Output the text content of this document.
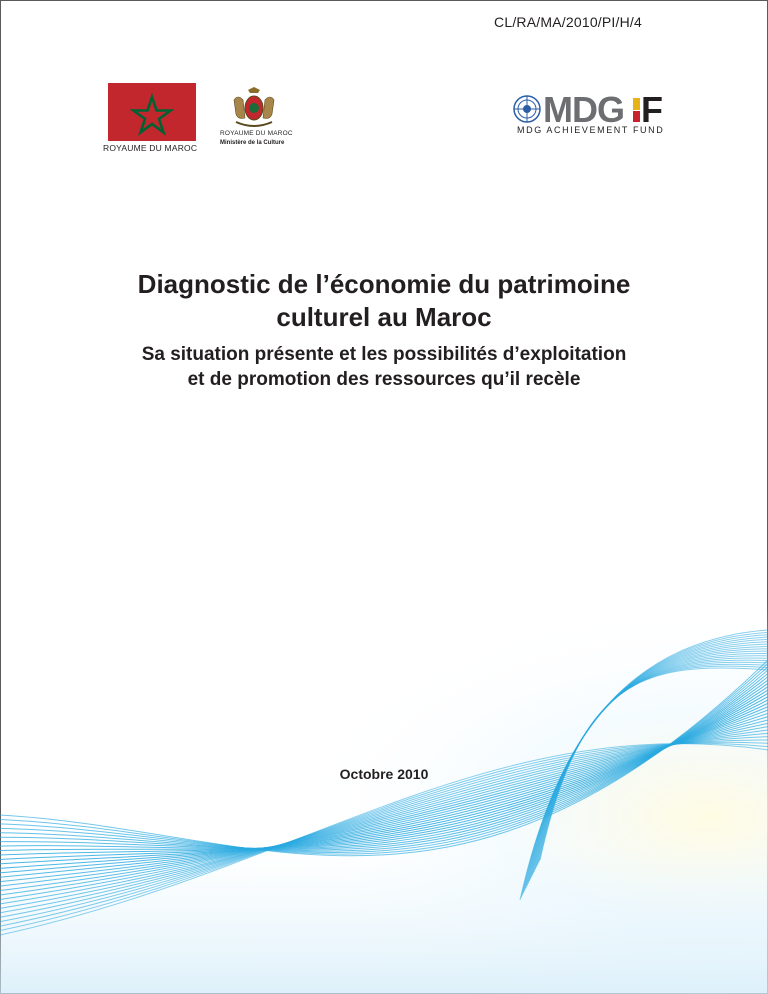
CL/RA/MA/2010/PI/H/4
ROYAUME DU MAROC
ROYAUME DU MAROC
Ministère de la Culture
MDG F
MDG ACHIEVEMENT FUND
Diagnostic de l’économie du patrimoine
culturel au Maroc
Sa situation présente et les possibilités d’exploitation
et de promotion des ressources qu’il recèle
Octobre 2010
